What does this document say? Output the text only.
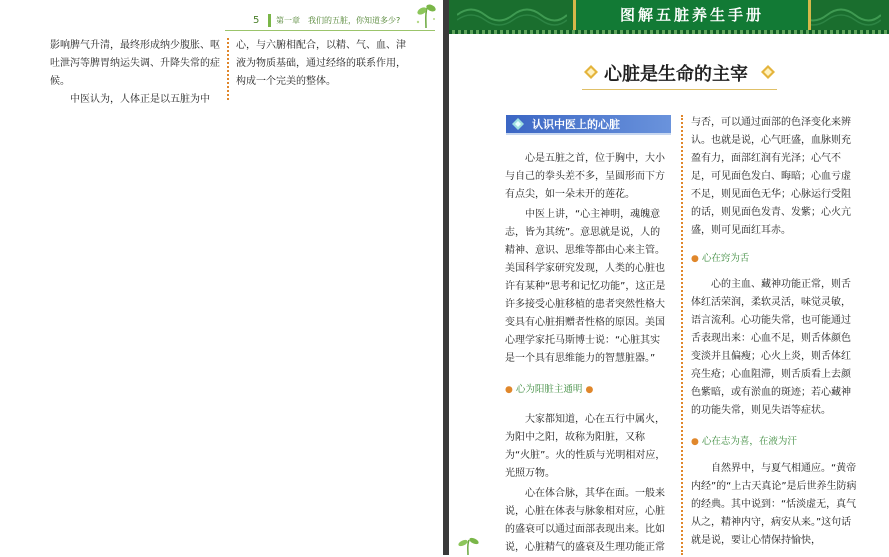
5 第一章　我们的五脏，你知道多少?

影响脾气升清，最终形成纳少腹胀、呕吐泄泻等脾胃纳运失调、升降失常的症候。

中医认为，人体正是以五脏为中

心，与六腑相配合，以精、气、血、津液为物质基础，通过经络的联系作用，构成一个完美的整体。

图解五脏养生手册
心脏是生命的主宰
认识中医上的心脏

心是五脏之首，位于胸中，大小与自己的拳头差不多，呈圆形而下方有点尖，如一朵未开的莲花。

中医上讲，“心主神明，魂魄意志，皆为其统”。意思就是说，人的精神、意识、思维等都由心来主管。美国科学家研究发现，人类的心脏也许有某种“思考和记忆功能”，这正是许多接受心脏移植的患者突然性格大变具有心脏捐赠者性格的原因。美国心理学家托马斯博士说：“心脏其实是一个具有思维能力的智慧脏器。”

● 心为阳脏主通明 ●

大家都知道，心在五行中属火，为阳中之阳，故称为阳脏，又称为“火脏”。火的性质与光明相对应，光照万物。

心在体合脉，其华在面。一般来说，心脏在体表与脉象相对应，心脏的盛衰可以通过面部表现出来。比如说，心脏精气的盛衰及生理功能正常

与否，可以通过面部的色泽变化来辨认。也就是说，心气旺盛，血脉则充盈有力，面部红润有光泽；心气不足，可见面色发白、晦暗；心血亏虚不足，则见面色无华；心脉运行受阻的话，则见面色发青、发紫；心火亢盛，则可见面红耳赤。

● 心在窍为舌

心的主血、藏神功能正常，则舌体红活荣润，柔软灵活，味觉灵敏，语言流利。心功能失常，也可能通过舌表现出来：心血不足，则舌体颜色变淡并且偏瘦；心火上炎，则舌体红亮生疮；心血阻滞，则舌质看上去颜色紫暗，或有淤血的斑迹；若心藏神的功能失常，则见失语等症状。

● 心在志为喜，在液为汗

自然界中，与夏气相通应。“黄帝内经”的“上古天真论”是后世养生防病的经典。其中说到：“恬淡虚无，真气从之，精神内守，病安从来。”这句话就是说，要让心情保持愉快，
